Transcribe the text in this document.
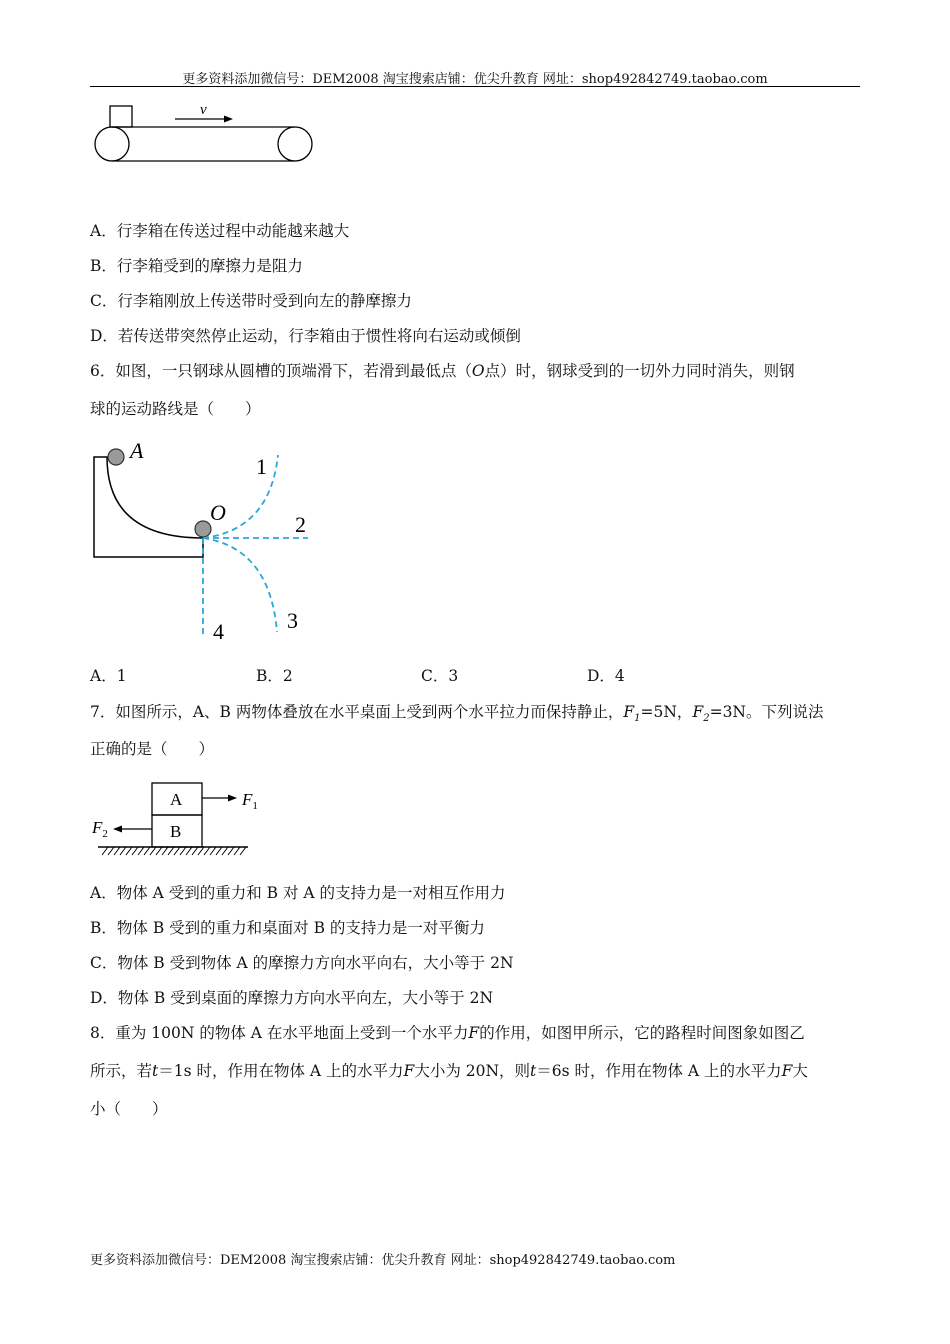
更多资料添加微信号：DEM2008 淘宝搜索店铺：优尖升教育 网址：shop492842749.taobao.com
v
A．行李箱在传送过程中动能越来越大
B．行李箱受到的摩擦力是阻力
C．行李箱刚放上传送带时受到向左的静摩擦力
D．若传送带突然停止运动，行李箱由于惯性将向右运动或倾倒
6．如图，一只钢球从圆槽的顶端滑下，若滑到最低点（O点）时，钢球受到的一切外力同时消失，则钢
球的运动路线是（　　）
A
O
1
2
3
4
A．1	B．2	C．3	D．4
7．如图所示，A、B 两物体叠放在水平桌面上受到两个水平拉力而保持静止，$F_1=5N$，$F_2=3N$。下列说法
正确的是（　　）
A
B
$F_1$
$F_2$
A．物体 A 受到的重力和 B 对 A 的支持力是一对相互作用力
B．物体 B 受到的重力和桌面对 B 的支持力是一对平衡力
C．物体 B 受到物体 A 的摩擦力方向水平向右，大小等于 2N
D．物体 B 受到桌面的摩擦力方向水平向左，大小等于 2N
8．重为 100N 的物体 A 在水平地面上受到一个水平力F的作用，如图甲所示，它的路程时间图象如图乙
所示，若t＝1s 时，作用在物体 A 上的水平力F大小为 20N，则t＝6s 时，作用在物体 A 上的水平力F大
小（　　）
更多资料添加微信号：DEM2008 淘宝搜索店铺：优尖升教育 网址：shop492842749.taobao.com
